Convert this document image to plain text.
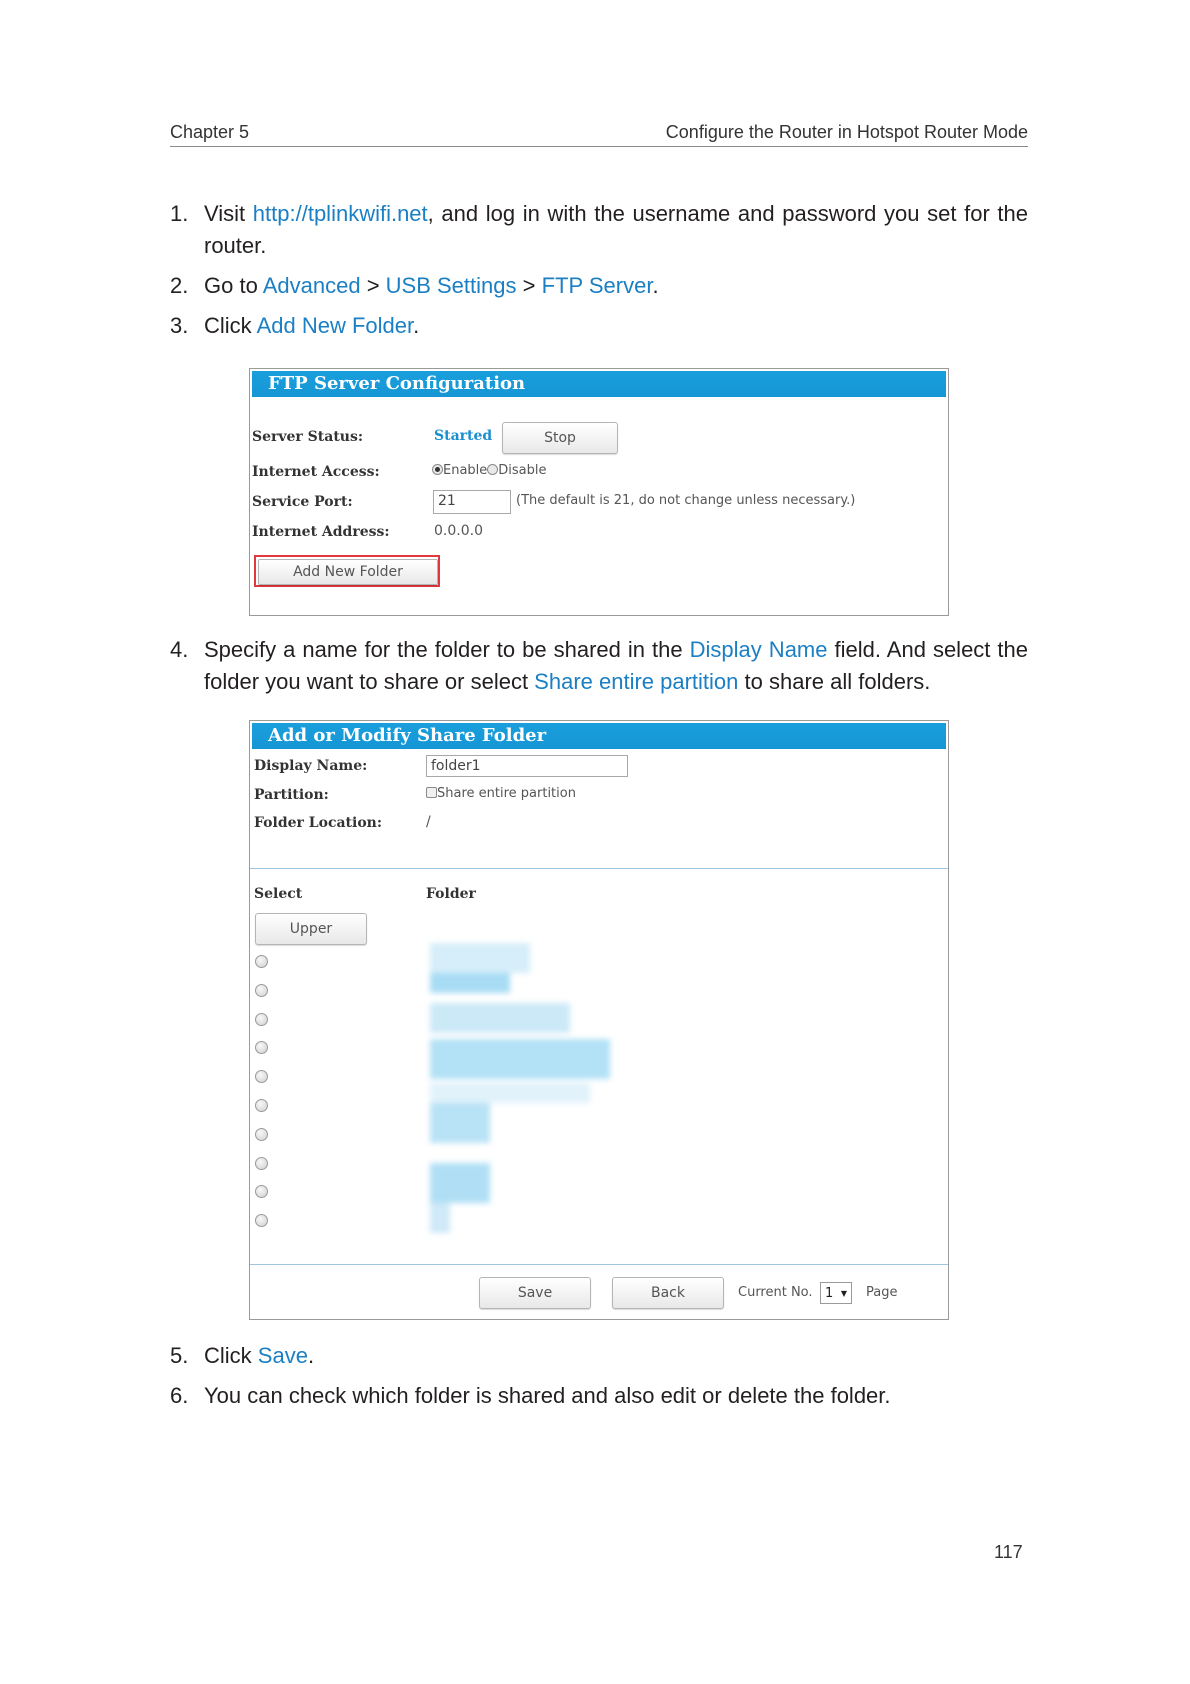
Chapter 5	Configure the Router in Hotspot Router Mode
1. Visit http://tplinkwifi.net, and log in with the username and password you set for the router.
2. Go to Advanced > USB Settings > FTP Server.
3. Click Add New Folder.
FTP Server Configuration
Server Status:	Started	Stop
Internet Access:	Enable Disable
Service Port:	21	(The default is 21, do not change unless necessary.)
Internet Address:	0.0.0.0
Add New Folder
4. Specify a name for the folder to be shared in the Display Name field. And select the folder you want to share or select Share entire partition to share all folders.
Add or Modify Share Folder
Display Name:	folder1
Partition:	Share entire partition
Folder Location:	/
Select	Folder
Upper
Save	Back	Current No. 1 ▼ Page
5. Click Save.
6. You can check which folder is shared and also edit or delete the folder.
117
